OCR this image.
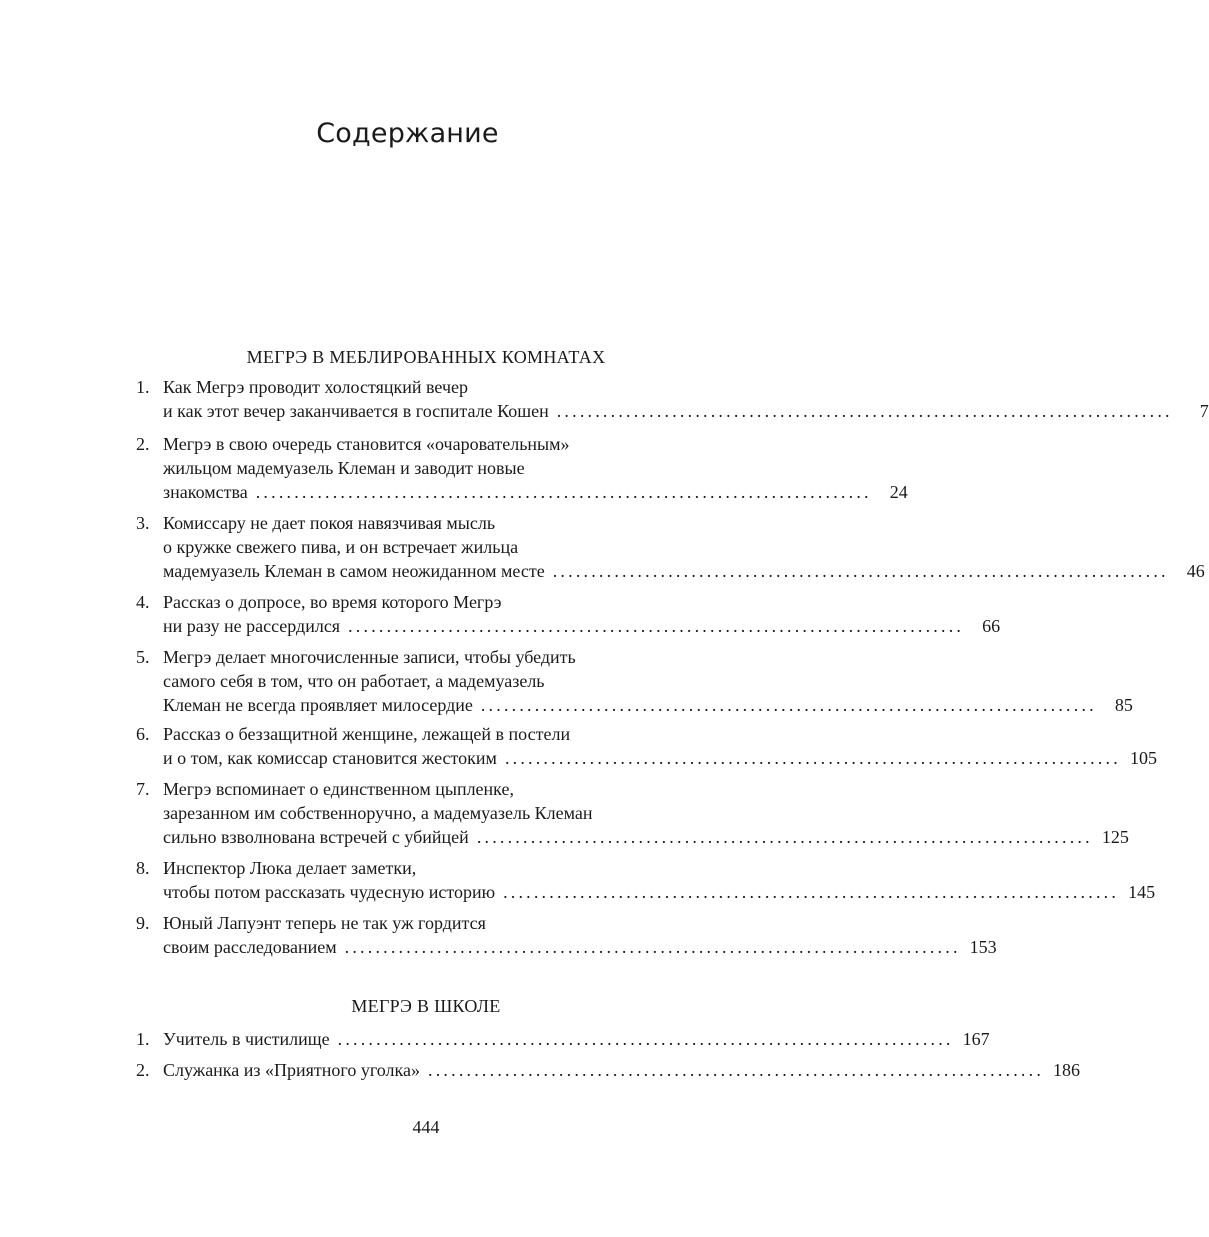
Содержание
МЕГРЭ В МЕБЛИРОВАННЫХ КОМНАТАХ
1. Как Мегрэ проводит холостяцкий вечер
и как этот вечер заканчивается в госпитале Кошен ................................................................................	7
2. Мегрэ в свою очередь становится «очаровательным»
жильцом мадемуазель Клеман и заводит новые
знакомства ................................................................................	24
3. Комиссару не дает покоя навязчивая мысль
о кружке свежего пива, и он встречает жильца
мадемуазель Клеман в самом неожиданном месте ................................................................................	46
4. Рассказ о допросе, во время которого Мегрэ
ни разу не рассердился ................................................................................	66
5. Мегрэ делает многочисленные записи, чтобы убедить
самого себя в том, что он работает, а мадемуазель
Клеман не всегда проявляет милосердие ................................................................................	85
6. Рассказ о беззащитной женщине, лежащей в постели
и о том, как комиссар становится жестоким ................................................................................ 105
7. Мегрэ вспоминает о единственном цыпленке,
зарезанном им собственноручно, а мадемуазель Клеман
сильно взволнована встречей с убийцей ................................................................................ 125
8. Инспектор Люка делает заметки,
чтобы потом рассказать чудесную историю ................................................................................ 145
9. Юный Лапуэнт теперь не так уж гордится
своим расследованием ................................................................................ 153
МЕГРЭ В ШКОЛЕ
1. Учитель в чистилище ................................................................................ 167
2. Служанка из «Приятного уголка» ................................................................................ 186
444
